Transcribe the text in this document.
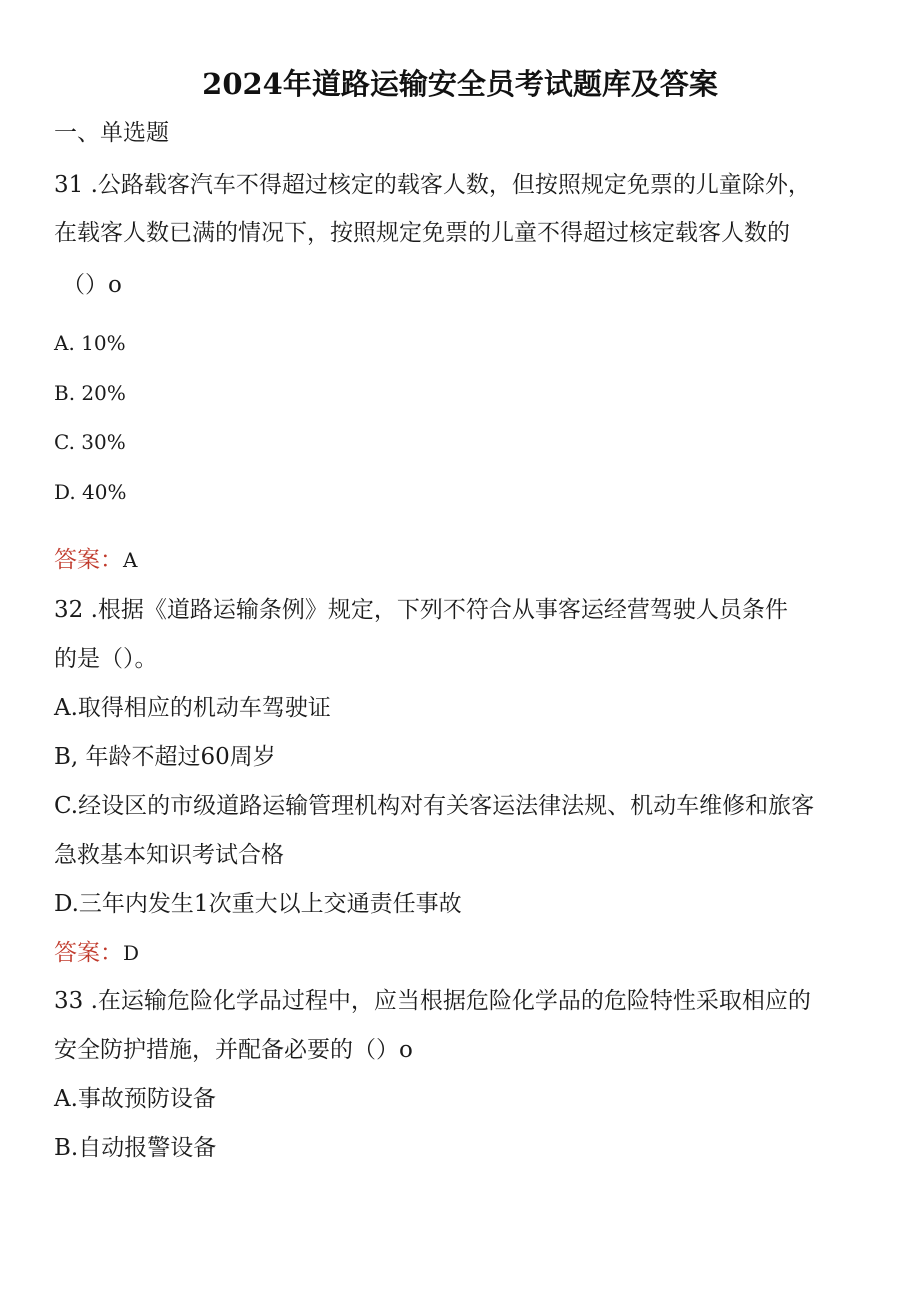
2024年道路运输安全员考试题库及答案
一、单选题
31 .公路载客汽车不得超过核定的载客人数，但按照规定免票的儿童除外，
在载客人数已满的情况下，按照规定免票的儿童不得超过核定载客人数的
（）o
A. 10%
B. 20%
C. 30%
D. 40%
答案：A
32 .根据《道路运输条例》规定，下列不符合从事客运经营驾驶人员条件
的是（）。
A.取得相应的机动车驾驶证
B, 年龄不超过60周岁
C.经设区的市级道路运输管理机构对有关客运法律法规、机动车维修和旅客
急救基本知识考试合格
D.三年内发生1次重大以上交通责任事故
答案：D
33 .在运输危险化学品过程中，应当根据危险化学品的危险特性采取相应的
安全防护措施，并配备必要的（）o
A.事故预防设备
B.自动报警设备
